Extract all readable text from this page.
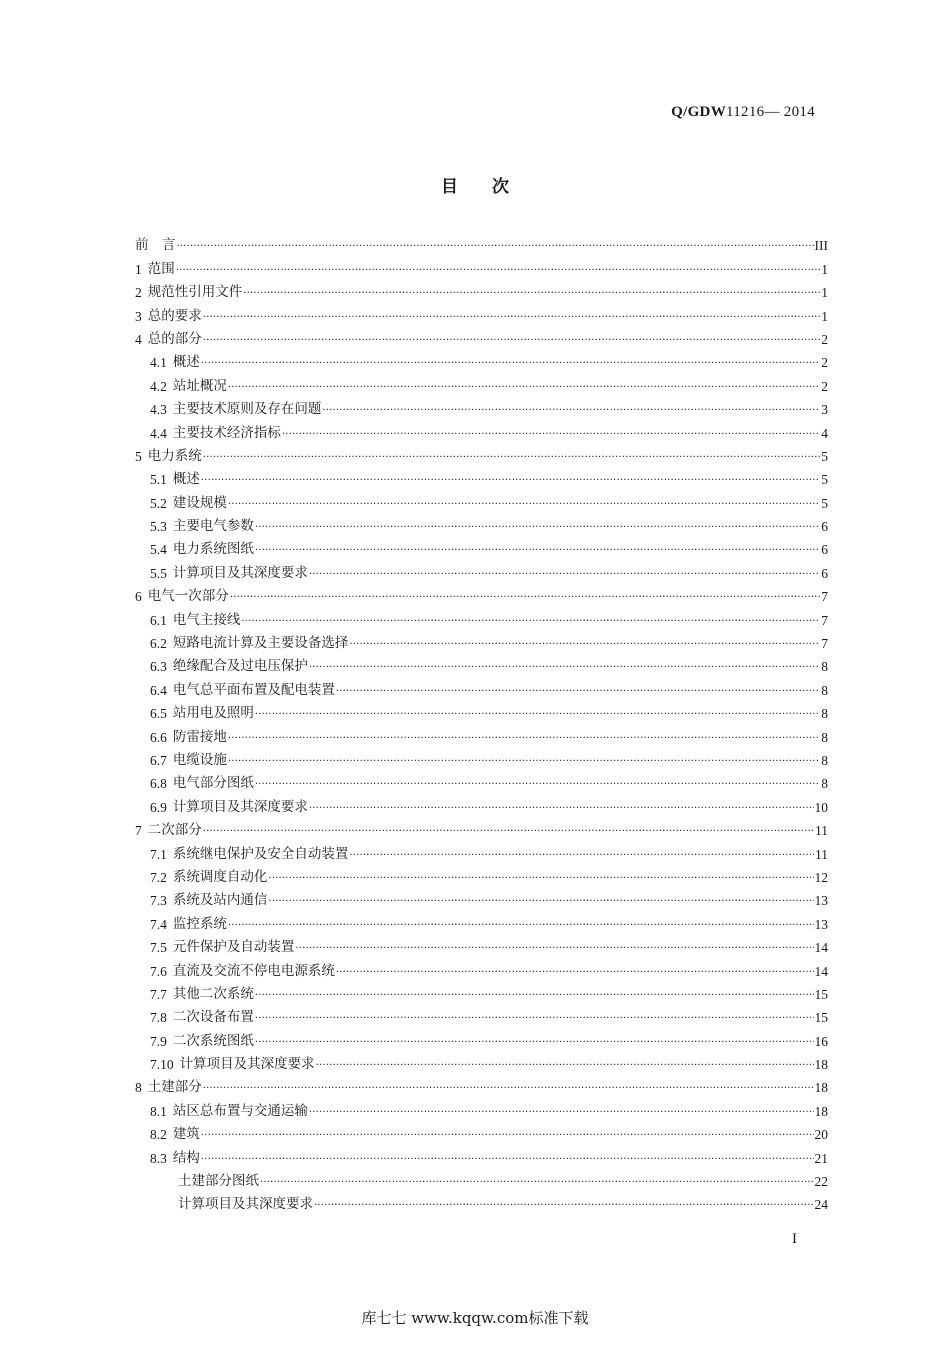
Q/GDW11216— 2014
目 次
前　言 ·····	III
1 范围 ·····	1
2 规范性引用文件 ·····	1
3 总的要求 ·····	1
4 总的部分 ·····	2
4.1 概述 ·····	2
4.2 站址概况 ·····	2
4.3 主要技术原则及存在问题 ·····	3
4.4 主要技术经济指标 ·····	4
5 电力系统 ·····	5
5.1 概述 ·····	5
5.2 建设规模 ·····	5
5.3 主要电气参数 ·····	6
5.4 电力系统图纸 ·····	6
5.5 计算项目及其深度要求 ·····	6
6 电气一次部分 ·····	7
6.1 电气主接线 ·····	7
6.2 短路电流计算及主要设备选择 ·····	7
6.3 绝缘配合及过电压保护 ·····	8
6.4 电气总平面布置及配电装置 ·····	8
6.5 站用电及照明 ·····	8
6.6 防雷接地 ·····	8
6.7 电缆设施 ·····	8
6.8 电气部分图纸 ·····	8
6.9 计算项目及其深度要求 ·····	10
7 二次部分 ·····	11
7.1 系统继电保护及安全自动装置 ·····	11
7.2 系统调度自动化 ·····	12
7.3 系统及站内通信 ·····	13
7.4 监控系统 ·····	13
7.5 元件保护及自动装置 ·····	14
7.6 直流及交流不停电电源系统 ·····	14
7.7 其他二次系统 ·····	15
7.8 二次设备布置 ·····	15
7.9 二次系统图纸 ·····	16
7.10 计算项目及其深度要求 ·····	18
8 土建部分 ·····	18
8.1 站区总布置与交通运输 ·····	18
8.2 建筑 ·····	20
8.3 结构 ·····	21
土建部分图纸 ·····	22
计算项目及其深度要求 ·····	24
I
库七七 www.kqqw.com标准下载
